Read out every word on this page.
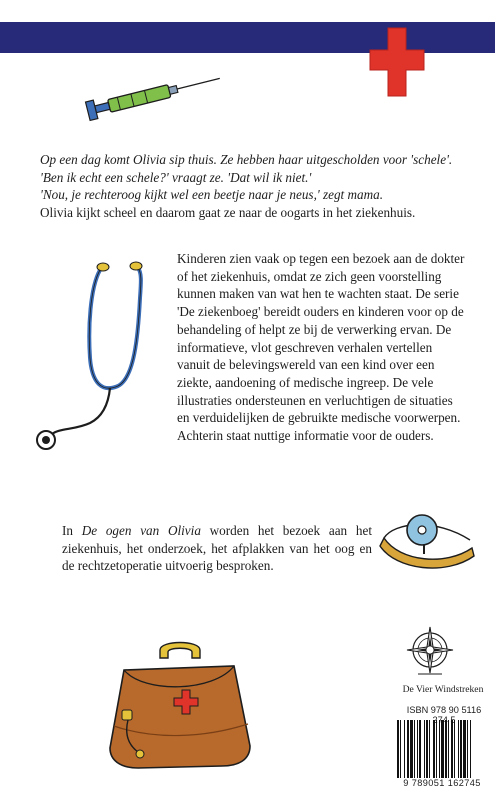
Op een dag komt Olivia sip thuis. Ze hebben haar uitgescholden voor 'schele'.

'Ben ik echt een schele?' vraagt ze. 'Dat wil ik niet.'

'Nou, je rechteroog kijkt wel een beetje naar je neus,' zegt mama.

Olivia kijkt scheel en daarom gaat ze naar de oogarts in het ziekenhuis.

Kinderen zien vaak op tegen een bezoek aan de dokter of het ziekenhuis, omdat ze zich geen voorstelling kunnen maken van wat hen te wachten staat. De serie 'De ziekenboeg' bereidt ouders en kinderen voor op de behandeling of helpt ze bij de verwerking ervan. De informatieve, vlot geschreven verhalen vertellen vanuit de belevingswereld van een kind over een ziekte, aandoening of medische ingreep. De vele illustraties ondersteunen en verluchtigen de situaties en verduidelijken de gebruikte medische voorwerpen. Achterin staat nuttige informatie voor de ouders.
In De ogen van Olivia worden het bezoek aan het ziekenhuis, het onderzoek, het afplakken van het oog en de rechtzetoperatie uitvoerig besproken.
De Vier Windstreken
ISBN 978 90 5116 274
9 789051 162745
